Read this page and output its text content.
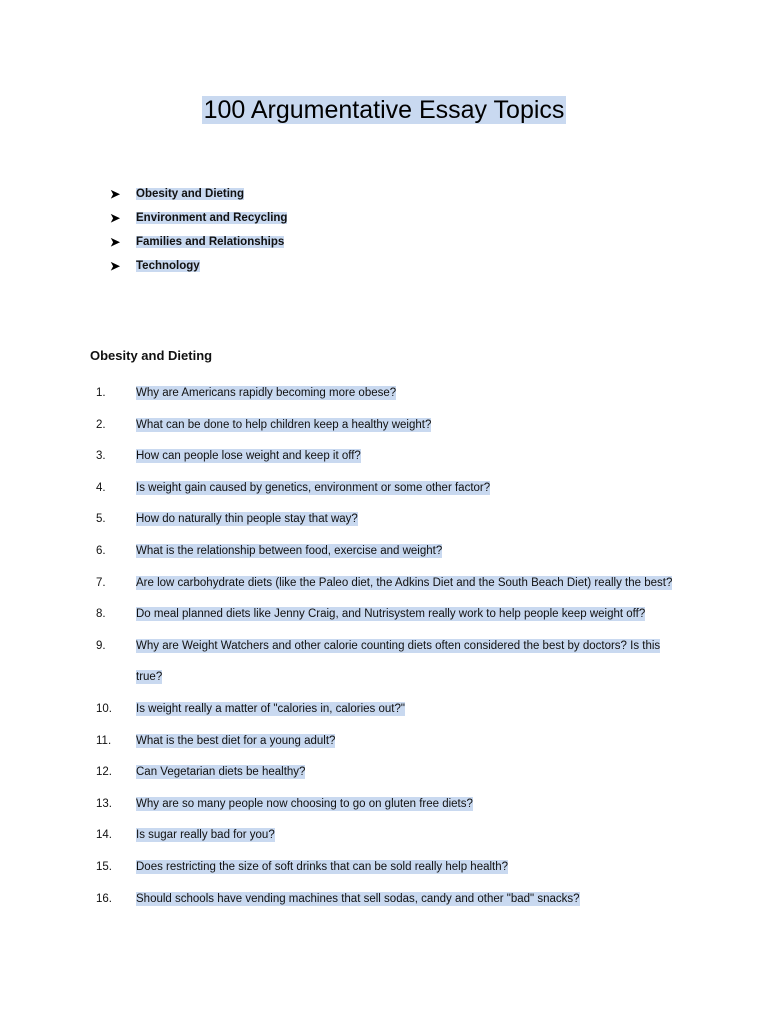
100 Argumentative Essay Topics
➤	Obesity and Dieting
➤	Environment and Recycling
➤	Families and Relationships
➤	Technology
Obesity and Dieting
1.	Why are Americans rapidly becoming more obese?
2.	What can be done to help children keep a healthy weight?
3.	How can people lose weight and keep it off?
4.	Is weight gain caused by genetics, environment or some other factor?
5.	How do naturally thin people stay that way?
6.	What is the relationship between food, exercise and weight?
7.	Are low carbohydrate diets (like the Paleo diet, the Adkins Diet and the South Beach Diet) really the best?
8.	Do meal planned diets like Jenny Craig, and Nutrisystem really work to help people keep weight off?
9.	Why are Weight Watchers and other calorie counting diets often considered the best by doctors? Is this
true?
10.	Is weight really a matter of "calories in, calories out?"
11.	What is the best diet for a young adult?
12.	Can Vegetarian diets be healthy?
13.	Why are so many people now choosing to go on gluten free diets?
14.	Is sugar really bad for you?
15.	Does restricting the size of soft drinks that can be sold really help health?
16.	Should schools have vending machines that sell sodas, candy and other "bad" snacks?
